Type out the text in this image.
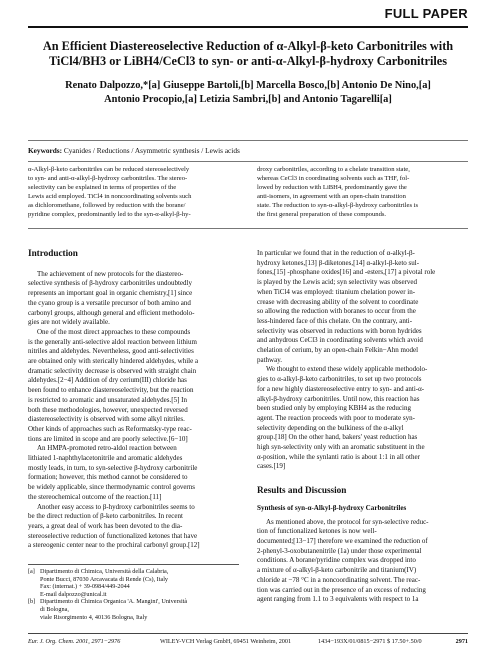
FULL PAPER
An Efficient Diastereoselective Reduction of α-Alkyl-β-keto Carbonitriles with
TiCl4/BH3 or LiBH4/CeCl3 to syn- or anti-α-Alkyl-β-hydroxy Carbonitriles
Renato Dalpozzo,*[a] Giuseppe Bartoli,[b] Marcella Bosco,[b] Antonio De Nino,[a]
Antonio Procopio,[a] Letizia Sambri,[b] and Antonio Tagarelli[a]
Keywords: Cyanides / Reductions / Asymmetric synthesis / Lewis acids
α-Alkyl-β-keto carbonitriles can be reduced stereoselectively
to syn- and anti-α-alkyl-β-hydroxy carbonitriles. The stereo-
selectivity can be explained in terms of properties of the
Lewis acid employed. TiCl4 in noncoordinating solvents such
as dichloromethane, followed by reduction with the borane/
pyridine complex, predominantly led to the syn-α-alkyl-β-hy-
droxy carbonitriles, according to a chelate transition state,
whereas CeCl3 in coordinating solvents such as THF, fol-
lowed by reduction with LiBH4, predominantly gave the
anti-isomers, in agreement with an open-chain transition
state. The reduction to syn-α-alkyl-β-hydroxy carbonitriles is
the first general preparation of these compounds.
Introduction
The achievement of new protocols for the diastereo-
selective synthesis of β-hydroxy carbonitriles undoubtedly
represents an important goal in organic chemistry,[1] since
the cyano group is a versatile precursor of both amino and
carbonyl groups, although general and efficient methodolo-
gies are not widely available.
One of the most direct approaches to these compounds
is the generally anti-selective aldol reaction between lithium
nitriles and aldehydes. Nevertheless, good anti-selectivities
are obtained only with sterically hindered aldehydes, while a
dramatic selectivity decrease is observed with straight chain
aldehydes.[2−4] Addition of dry cerium(III) chloride has
been found to enhance diastereoselectivity, but the reaction
is restricted to aromatic and unsaturated aldehydes.[5] In
both these methodologies, however, unexpected reversed
diastereoselectivity is observed with some alkyl nitriles.
Other kinds of approaches such as Reformatsky-type reac-
tions are limited in scope and are poorly selective.[6−10]
An HMPA-promoted retro-aldol reaction between
lithiated 1-naphthylacetonitrile and aromatic aldehydes
mostly leads, in turn, to syn-selective β-hydroxy carbonitrile
formation; however, this method cannot be considered to
be widely applicable, since thermodynamic control governs
the stereochemical outcome of the reaction.[11]
Another easy access to β-hydroxy carbonitriles seems to
be the direct reduction of β-keto carbonitriles. In recent
years, a great deal of work has been devoted to the dia-
stereoselective reduction of functionalized ketones that have
a stereogenic center near to the prochiral carbonyl group.[12]
[a] Dipartimento di Chimica, Università della Calabria,
Ponte Bucci, 87030 Arcavacata di Rende (Cs), Italy
Fax: (internat.) + 39-0984/449-2044
E-mail dalpozzo@unical.it
[b] Dipartimento di Chimica Organica 'A. Mangini', Università
di Bologna,
viale Risorgimento 4, 40136 Bologna, Italy
In particular we found that in the reduction of α-alkyl-β-
hydroxy ketones,[13] β-diketones,[14] α-alkyl-β-keto sul-
fones,[15] -phosphane oxides[16] and -esters,[17] a pivotal role
is played by the Lewis acid; syn selectivity was observed
when TiCl4 was employed: titanium chelation power in-
crease with decreasing ability of the solvent to coordinate
so allowing the reduction with boranes to occur from the
less-hindered face of this chelate. On the contrary, anti-
selectivity was observed in reductions with boron hydrides
and anhydrous CeCl3 in coordinating solvents which avoid
chelation of cerium, by an open-chain Felkin−Ahn model
pathway.
We thought to extend these widely applicable methodolo-
gies to α-alkyl-β-keto carbonitriles, to set up two protocols
for a new highly diastereoselective entry to syn- and anti-α-
alkyl-β-hydroxy carbonitriles. Until now, this reaction has
been studied only by employing KBH4 as the reducing
agent. The reaction proceeds with poor to moderate syn-
selectivity depending on the bulkiness of the α-alkyl
group.[18] On the other hand, bakers' yeast reduction has
high syn-selectivity only with an aromatic substituent in the
α-position, while the synlanti ratio is about 1:1 in all other
cases.[19]
Results and Discussion
Synthesis of syn-α-Alkyl-β-hydroxy Carbonitriles
As mentioned above, the protocol for syn-selective reduc-
tion of functionalized ketones is now well-
documented;[13−17] therefore we examined the reduction of
2-phenyl-3-oxobutanenitrile (1a) under those experimental
conditions. A borane/pyridine complex was dropped into
a mixture of α-alkyl-β-keto carbonitrile and titanium(IV)
chloride at −78 °C in a noncoordinating solvent. The reac-
tion was carried out in the presence of an excess of reducing
agent ranging from 1.1 to 3 equivalents with respect to 1a
Eur. J. Org. Chem. 2001, 2971−2976	WILEY-VCH Verlag GmbH, 69451 Weinheim, 2001	1434−193X/01/0815−2971 $ 17.50+.50/0	2971
